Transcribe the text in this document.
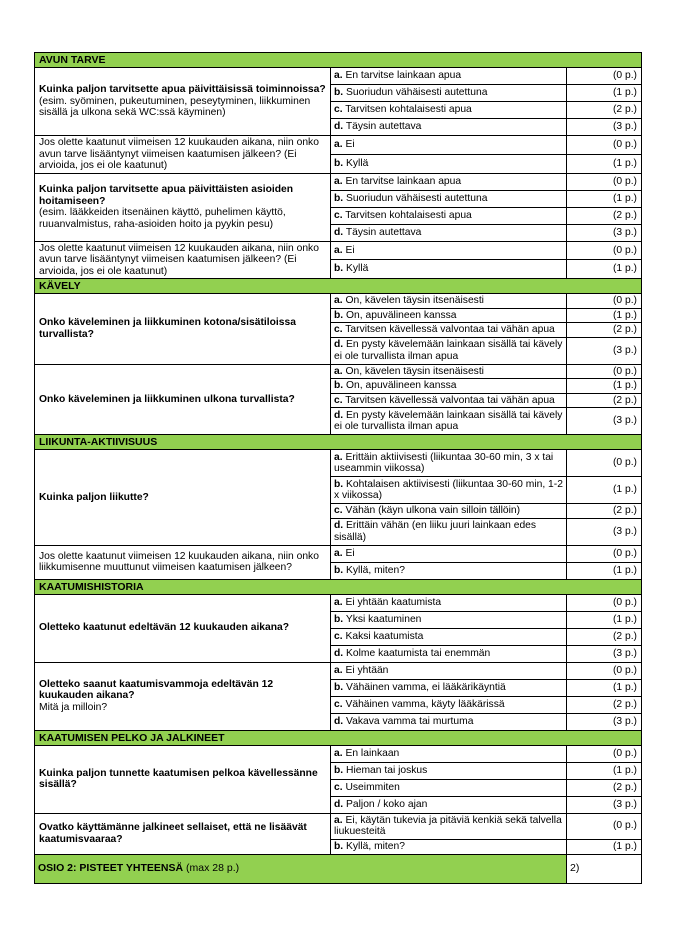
AVUN TARVE		

Kuinka paljon tarvitsette apua päivittäisissä toiminnoissa?
(esim. syöminen, pukeutuminen, peseytyminen, liikkuminen sisällä ja ulkona sekä WC:ssä käyminen)	a. En tarvitse lainkaan apua	(0 p.)
	b. Suoriudun vähäisesti autettuna	(1 p.)
	c. Tarvitsen kohtalaisesti apua	(2 p.)
	d. Täysin autettava	(3 p.)

Jos olette kaatunut viimeisen 12 kuukauden aikana, niin onko avun tarve lisääntynyt viimeisen kaatumisen jälkeen? (Ei arvioida, jos ei ole kaatunut)	a. Ei	(0 p.)
	b. Kyllä	(1 p.)

Kuinka paljon tarvitsette apua päivittäisten asioiden hoitamiseen?
(esim. lääkkeiden itsenäinen käyttö, puhelimen käyttö, ruuanvalmistus, raha-asioiden hoito ja pyykin pesu)	a. En tarvitse lainkaan apua	(0 p.)
	b. Suoriudun vähäisesti autettuna	(1 p.)
	c. Tarvitsen kohtalaisesti apua	(2 p.)
	d. Täysin autettava	(3 p.)

Jos olette kaatunut viimeisen 12 kuukauden aikana, niin onko avun tarve lisääntynyt viimeisen kaatumisen jälkeen? (Ei arvioida, jos ei ole kaatunut)	a. Ei	(0 p.)
	b. Kyllä	(1 p.)
KÄVELY		

Onko käveleminen ja liikkuminen kotona/sisätiloissa turvallista?	a. On, kävelen täysin itsenäisesti	(0 p.)
	b. On, apuvälineen kanssa	(1 p.)
	c. Tarvitsen kävellessä valvontaa tai vähän apua	(2 p.)
	d. En pysty kävelemään lainkaan sisällä tai kävely ei ole turvallista ilman apua	(3 p.)

Onko käveleminen ja liikkuminen ulkona turvallista?	a. On, kävelen täysin itsenäisesti	(0 p.)
	b. On, apuvälineen kanssa	(1 p.)
	c. Tarvitsen kävellessä valvontaa tai vähän apua	(2 p.)
	d. En pysty kävelemään lainkaan sisällä tai kävely ei ole turvallista ilman apua	(3 p.)
LIIKUNTA-AKTIIVISUUS		

Kuinka paljon liikutte?	a. Erittäin aktiivisesti (liikuntaa 30-60 min, 3 x tai useammin viikossa)	(0 p.)
	b. Kohtalaisen aktiivisesti (liikuntaa 30-60 min, 1-2 x viikossa)	(1 p.)
	c. Vähän (käyn ulkona vain silloin tällöin)	(2 p.)
	d. Erittäin vähän (en liiku juuri lainkaan edes sisällä)	(3 p.)

Jos olette kaatunut viimeisen 12 kuukauden aikana, niin onko liikkumisenne muuttunut viimeisen kaatumisen jälkeen?	a. Ei	(0 p.)
	b. Kyllä, miten?	(1 p.)
KAATUMISHISTORIA		

Oletteko kaatunut edeltävän 12 kuukauden aikana?	a. Ei yhtään kaatumista	(0 p.)
	b. Yksi kaatuminen	(1 p.)
	c. Kaksi kaatumista	(2 p.)
	d. Kolme kaatumista tai enemmän	(3 p.)

Oletteko saanut kaatumisvammoja edeltävän 12 kuukauden aikana?
Mitä ja milloin?	a. Ei yhtään	(0 p.)
	b. Vähäinen vamma, ei lääkärikäyntiä	(1 p.)
	c. Vähäinen vamma, käyty lääkärissä	(2 p.)
	d. Vakava vamma tai murtuma	(3 p.)
KAATUMISEN PELKO JA JALKINEET		

Kuinka paljon tunnette kaatumisen pelkoa kävellessänne sisällä?	a. En lainkaan	(0 p.)
	b. Hieman tai joskus	(1 p.)
	c. Useimmiten	(2 p.)
	d. Paljon / koko ajan	(3 p.)

Ovatko käyttämänne jalkineet sellaiset, että ne lisäävät kaatumisvaaraa?	a. Ei, käytän tukevia ja pitäviä kenkiä sekä talvella liukuesteitä	(0 p.)
	b. Kyllä, miten?	(1 p.)
OSIO 2: PISTEET YHTEENSÄ (max 28 p.)		2)
